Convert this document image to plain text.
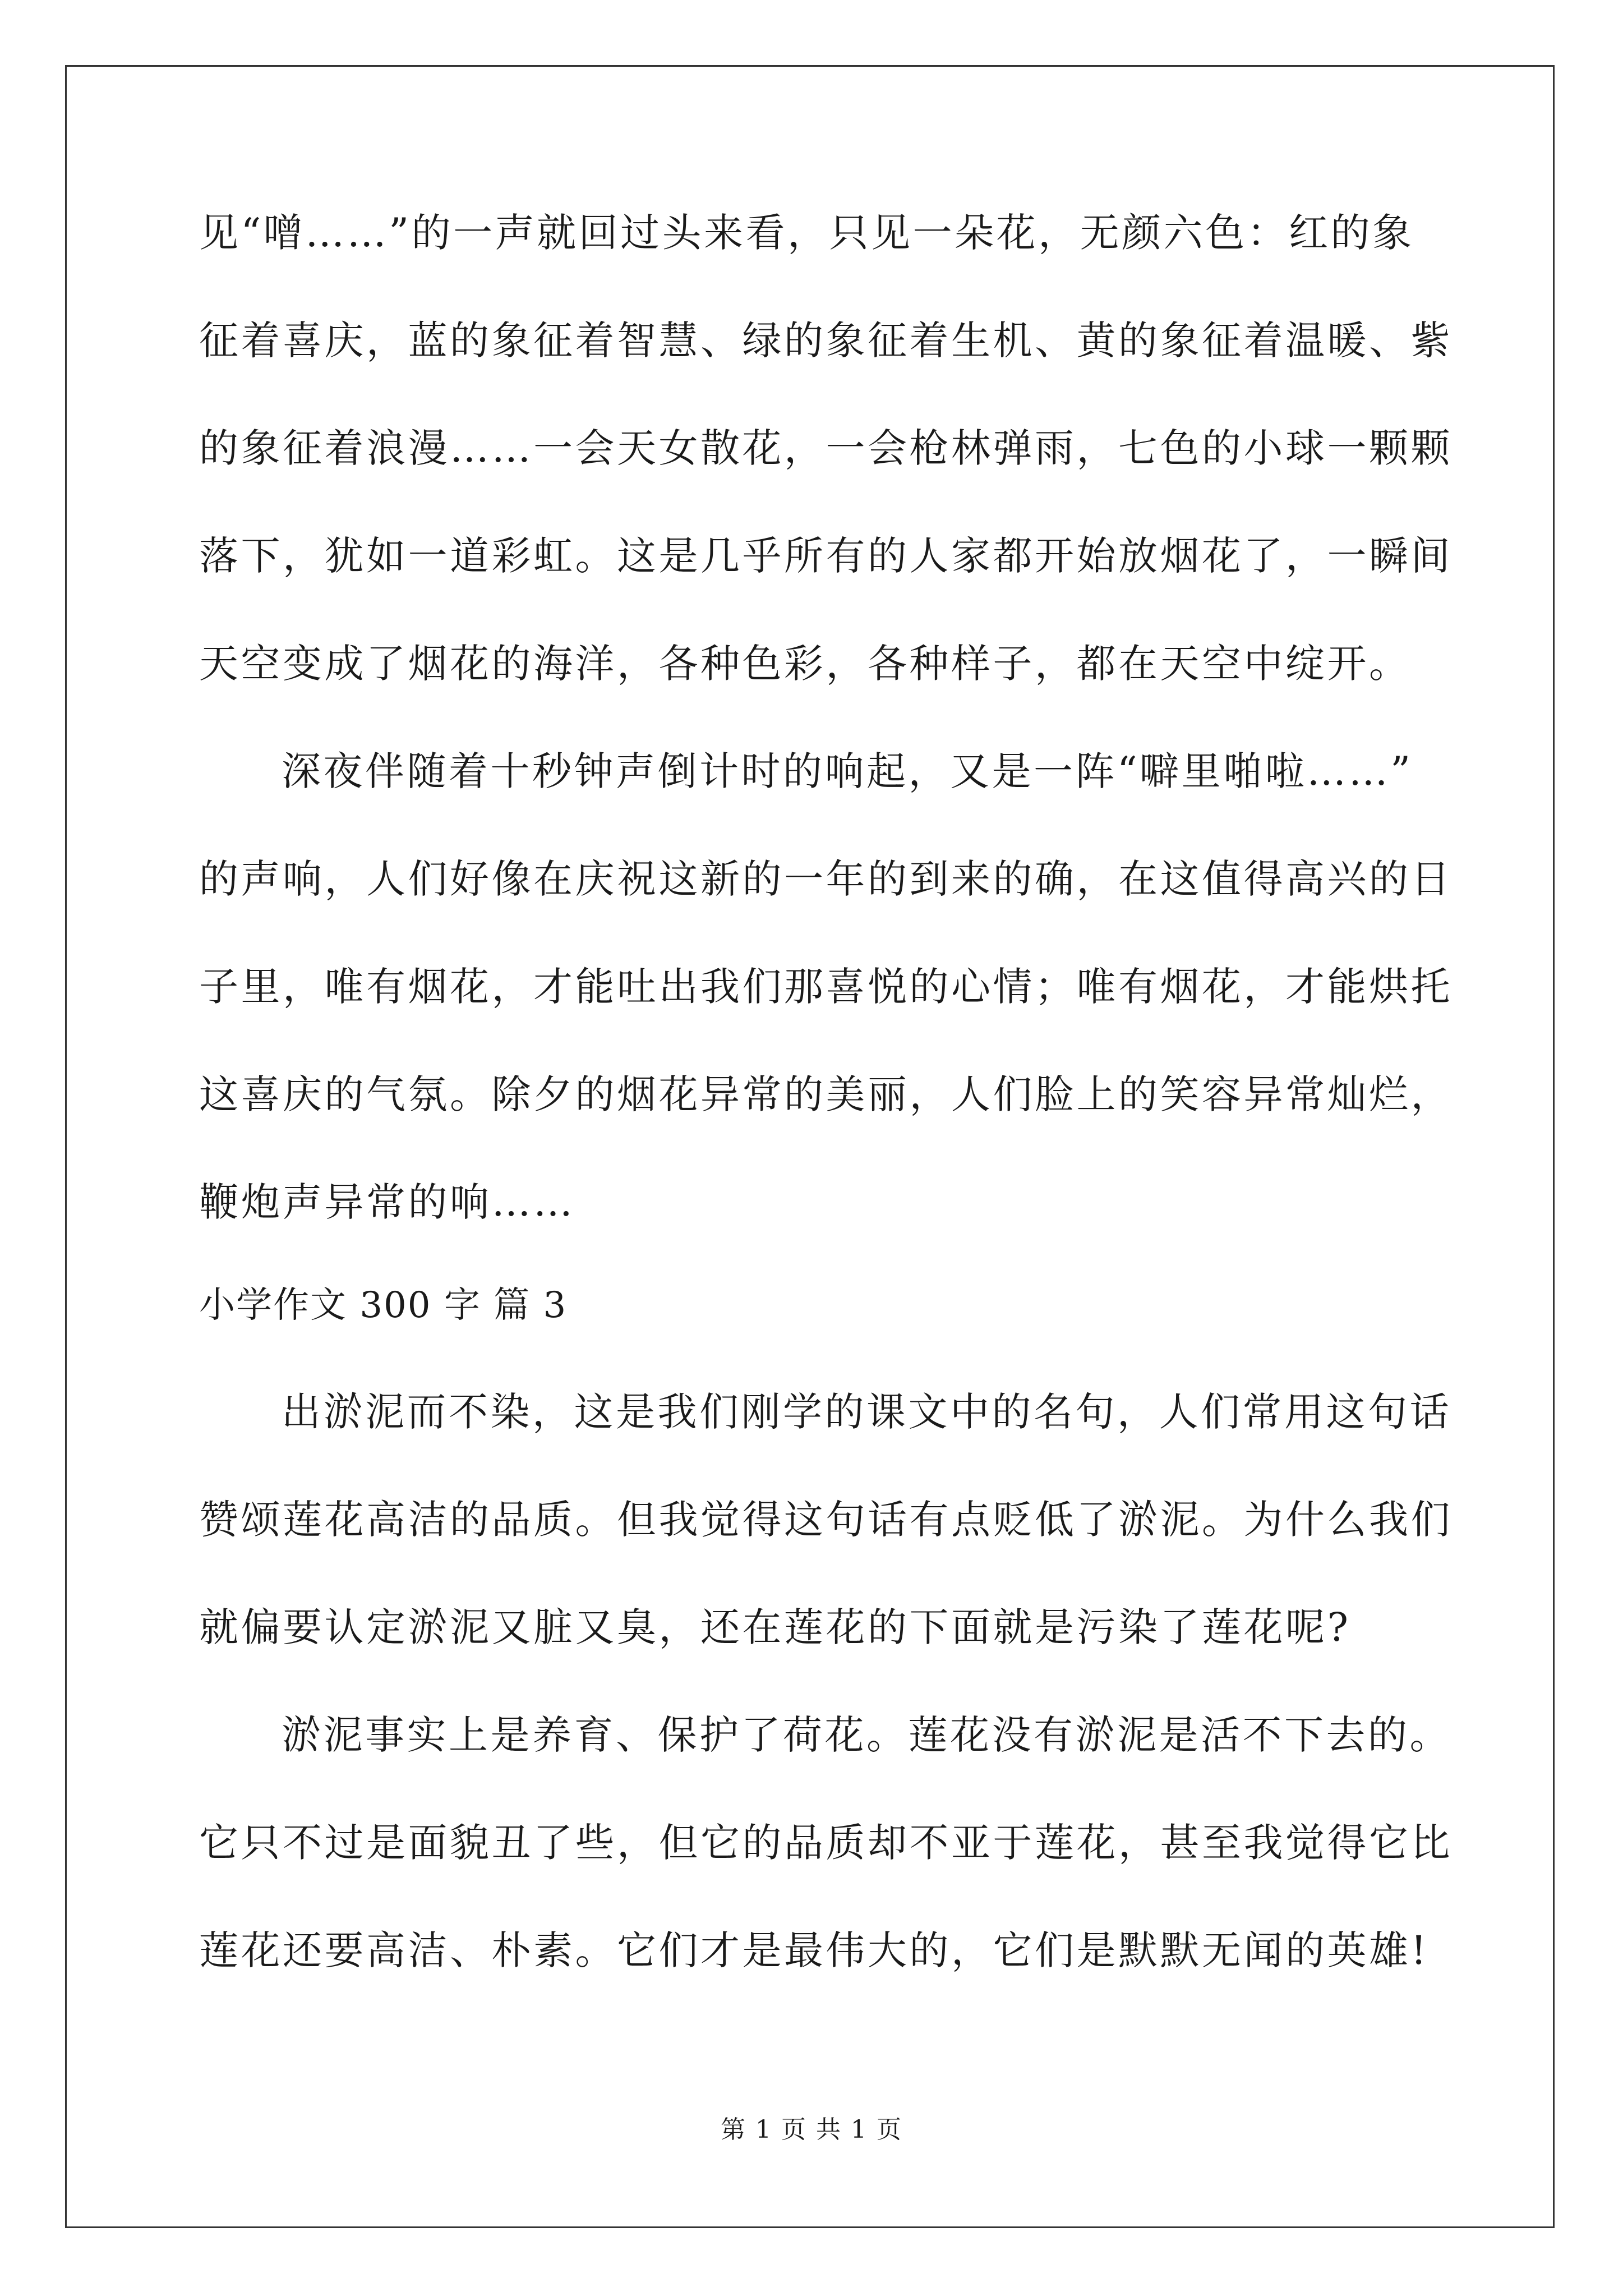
见“噌……”的一声就回过头来看，只见一朵花，无颜六色：红的象
征着喜庆，蓝的象征着智慧、绿的象征着生机、黄的象征着温暖、紫
的象征着浪漫……一会天女散花，一会枪林弹雨，七色的小球一颗颗
落下，犹如一道彩虹。这是几乎所有的人家都开始放烟花了，一瞬间
天空变成了烟花的海洋，各种色彩，各种样子，都在天空中绽开。
深夜伴随着十秒钟声倒计时的响起，又是一阵“噼里啪啦……”
的声响，人们好像在庆祝这新的一年的到来的确，在这值得高兴的日
子里，唯有烟花，才能吐出我们那喜悦的心情；唯有烟花，才能烘托
这喜庆的气氛。除夕的烟花异常的美丽，人们脸上的笑容异常灿烂，
鞭炮声异常的响……
小学作文 300 字 篇 3
出淤泥而不染，这是我们刚学的课文中的名句，人们常用这句话
赞颂莲花高洁的品质。但我觉得这句话有点贬低了淤泥。为什么我们
就偏要认定淤泥又脏又臭，还在莲花的下面就是污染了莲花呢?
淤泥事实上是养育、保护了荷花。莲花没有淤泥是活不下去的。
它只不过是面貌丑了些，但它的品质却不亚于莲花，甚至我觉得它比
莲花还要高洁、朴素。它们才是最伟大的，它们是默默无闻的英雄!
第 1 页 共 1 页
